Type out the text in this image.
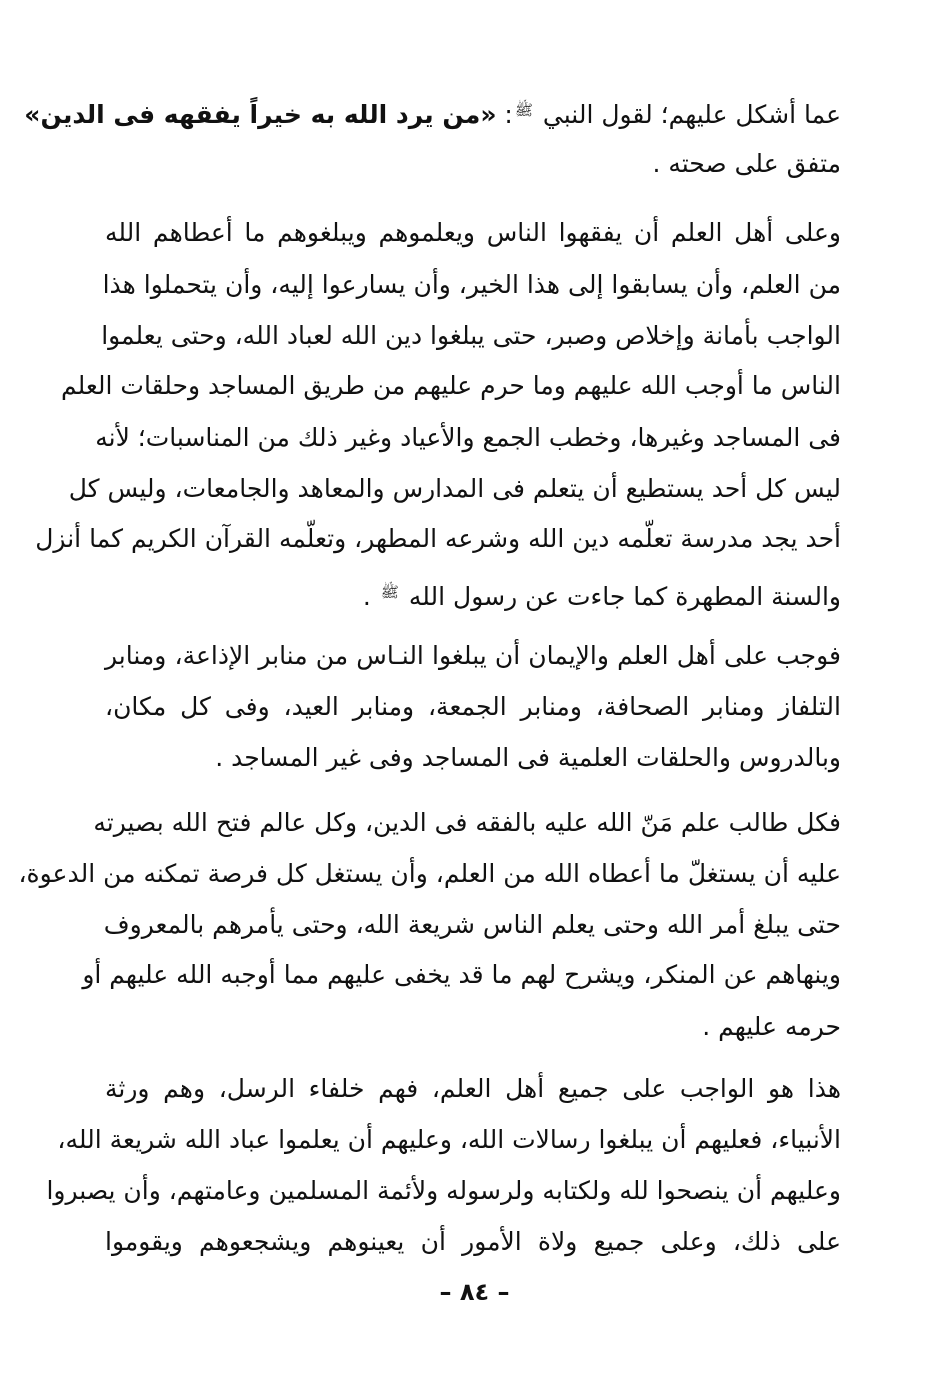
عما أشكل عليهم؛ لقول النبي ﷺ: «من يرد الله به خيراً يفقهه فى الدين»
متفق على صحته .
وعلى أهل العلم أن يفقهوا الناس ويعلموهم ويبلغوهم ما أعطاهم الله
من العلم، وأن يسابقوا إلى هذا الخير، وأن يسارعوا إليه، وأن يتحملوا هذا
الواجب بأمانة وإخلاص وصبر، حتى يبلغوا دين الله لعباد الله، وحتى يعلموا
الناس ما أوجب الله عليهم وما حرم عليهم من طريق المساجد وحلقات العلم
فى المساجد وغيرها، وخطب الجمع والأعياد وغير ذلك من المناسبات؛ لأنه
ليس كل أحد يستطيع أن يتعلم فى المدارس والمعاهد والجامعات، وليس كل
أحد يجد مدرسة تعلّمه دين الله وشرعه المطهر، وتعلّمه القرآن الكريم كما أنزل
والسنة المطهرة كما جاءت عن رسول الله ﷺ .
فوجب على أهل العلم والإيمان أن يبلغوا النـاس من منابر الإذاعة، ومنابر
التلفاز ومنابر الصحافة، ومنابر الجمعة، ومنابر العيد، وفى كل مكان،
وبالدروس والحلقات العلمية فى المساجد وفى غير المساجد .
فكل طالب علم مَنّ الله عليه بالفقه فى الدين، وكل عالم فتح الله بصيرته
عليه أن يستغلّ ما أعطاه الله من العلم، وأن يستغل كل فرصة تمكنه من الدعوة،
حتى يبلغ أمر الله وحتى يعلم الناس شريعة الله، وحتى يأمرهم بالمعروف
وينهاهم عن المنكر، ويشرح لهم ما قد يخفى عليهم مما أوجبه الله عليهم أو
حرمه عليهم .
هذا هو الواجب على جميع أهل العلم، فهم خلفاء الرسل، وهم ورثة
الأنبياء، فعليهم أن يبلغوا رسالات الله، وعليهم أن يعلموا عباد الله شريعة الله،
وعليهم أن ينصحوا لله ولكتابه ولرسوله ولأئمة المسلمين وعامتهم، وأن يصبروا
على ذلك، وعلى جميع ولاة الأمور أن يعينوهم ويشجعوهم ويقوموا
– ٨٤ –
